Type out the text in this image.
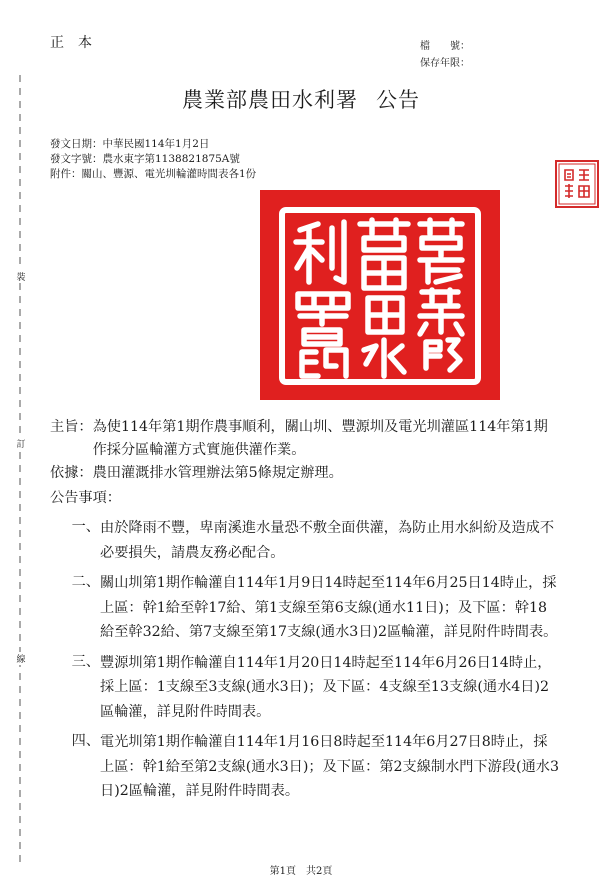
正本	檔　　號：
保存年限：
裝
訂
線
農業部農田水利署 公告
發文日期：中華民國114年1月2日
發文字號：農水東字第1138821875A號
附件：關山、豐源、電光圳輪灌時間表各1份
主旨： 為使114年第1期作農事順利，關山圳、豐源圳及電光圳灌區114年第1期作採分區輪灌方式實施供灌作業。
依據： 農田灌溉排水管理辦法第5條規定辦理。
公告事項：
一、 由於降雨不豐，卑南溪進水量恐不敷全面供灌，為防止用水糾紛及造成不必要損失，請農友務必配合。
二、 關山圳第1期作輪灌自114年1月9日14時起至114年6月25日14時止，採上區：幹1給至幹17給、第1支線至第6支線(通水11日)；及下區：幹18給至幹32給、第7支線至第17支線(通水3日)2區輪灌，詳見附件時間表。
三、 豐源圳第1期作輪灌自114年1月20日14時起至114年6月26日14時止，採上區：1支線至3支線(通水3日)；及下區：4支線至13支線(通水4日)2區輪灌，詳見附件時間表。
四、 電光圳第1期作輪灌自114年1月16日8時起至114年6月27日8時止，採上區：幹1給至第2支線(通水3日)；及下區：第2支線制水門下游段(通水3日)2區輪灌，詳見附件時間表。
第1頁　共2頁
